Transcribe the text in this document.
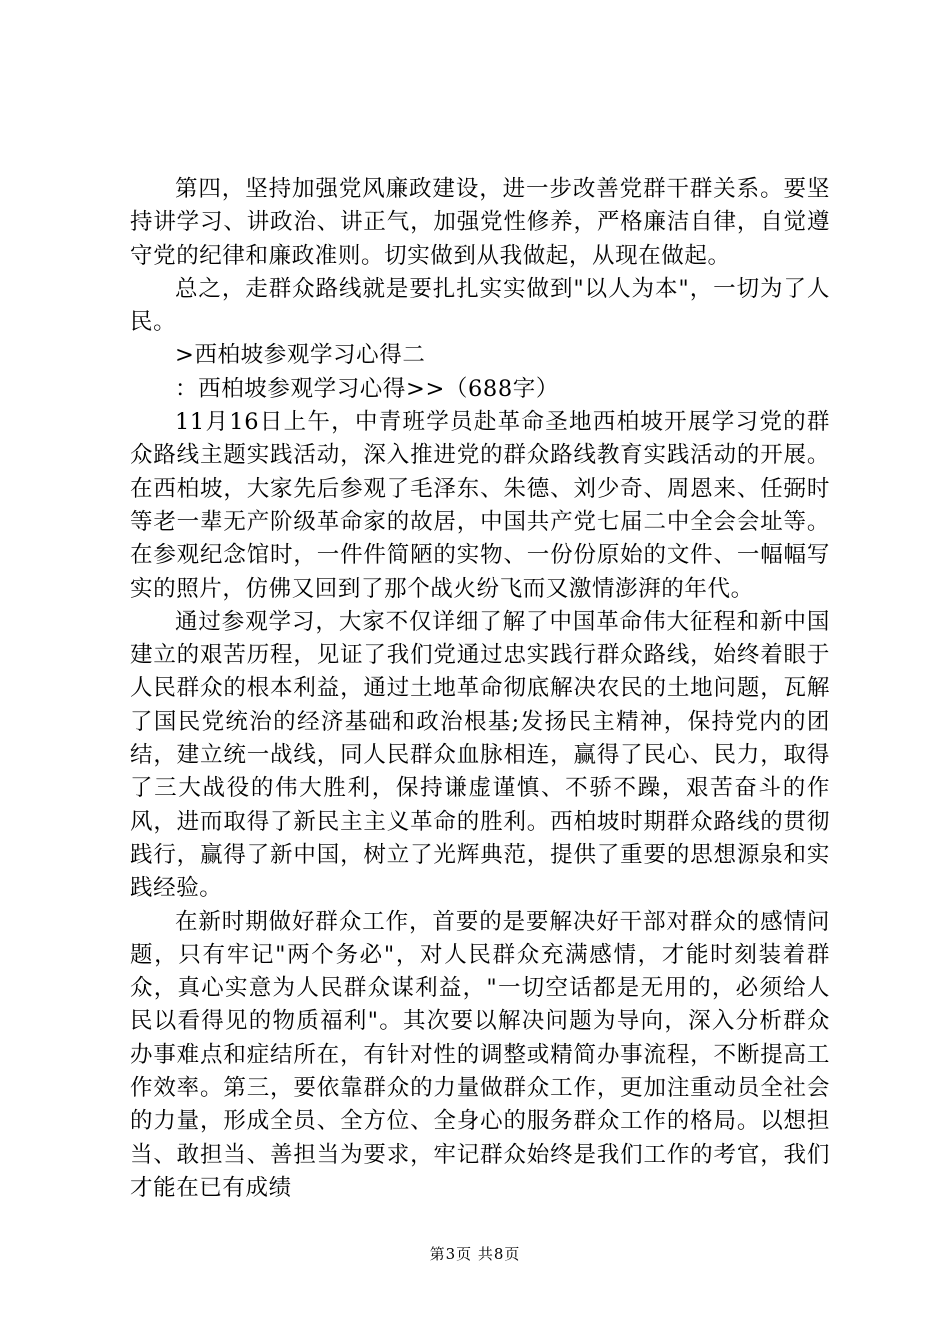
第四，坚持加强党风廉政建设，进一步改善党群干群关系。要坚持讲学习、讲政治、讲正气，加强党性修养，严格廉洁自律，自觉遵守党的纪律和廉政准则。切实做到从我做起，从现在做起。

总之，走群众路线就是要扎扎实实做到"以人为本"，一切为了人民。

>西柏坡参观学习心得二

：西柏坡参观学习心得>>（688字）

11月16日上午，中青班学员赴革命圣地西柏坡开展学习党的群众路线主题实践活动，深入推进党的群众路线教育实践活动的开展。在西柏坡，大家先后参观了毛泽东、朱德、刘少奇、周恩来、任弼时等老一辈无产阶级革命家的故居，中国共产党七届二中全会会址等。在参观纪念馆时，一件件简陋的实物、一份份原始的文件、一幅幅写实的照片，仿佛又回到了那个战火纷飞而又激情澎湃的年代。

通过参观学习，大家不仅详细了解了中国革命伟大征程和新中国建立的艰苦历程，见证了我们党通过忠实践行群众路线，始终着眼于人民群众的根本利益，通过土地革命彻底解决农民的土地问题，瓦解了国民党统治的经济基础和政治根基;发扬民主精神，保持党内的团结，建立统一战线，同人民群众血脉相连，赢得了民心、民力，取得了三大战役的伟大胜利，保持谦虚谨慎、不骄不躁，艰苦奋斗的作风，进而取得了新民主主义革命的胜利。西柏坡时期群众路线的贯彻践行，赢得了新中国，树立了光辉典范，提供了重要的思想源泉和实践经验。

在新时期做好群众工作，首要的是要解决好干部对群众的感情问题，只有牢记"两个务必"，对人民群众充满感情，才能时刻装着群众，真心实意为人民群众谋利益，"一切空话都是无用的，必须给人民以看得见的物质福利"。其次要以解决问题为导向，深入分析群众办事难点和症结所在，有针对性的调整或精简办事流程，不断提高工作效率。第三，要依靠群众的力量做群众工作，更加注重动员全社会的力量，形成全员、全方位、全身心的服务群众工作的格局。以想担当、敢担当、善担当为要求，牢记群众始终是我们工作的考官，我们才能在已有成绩

第3页 共8页
